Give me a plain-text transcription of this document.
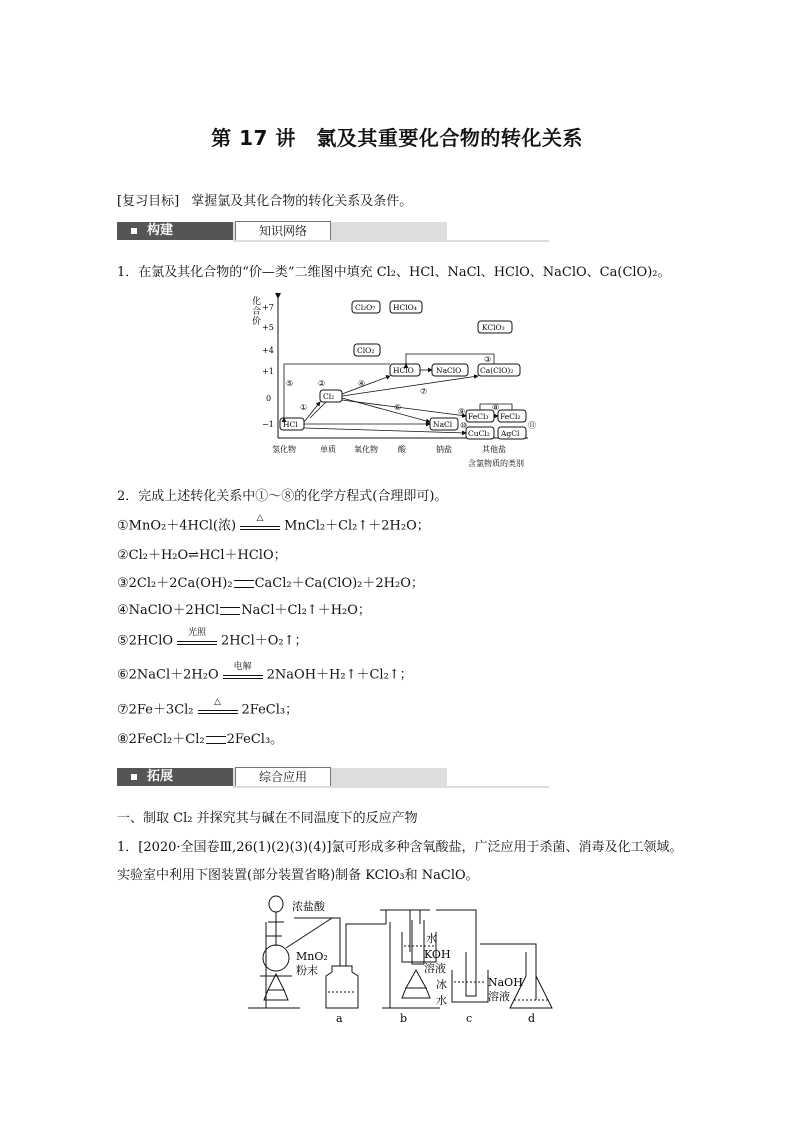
第 17 讲　氯及其重要化合物的转化关系
[复习目标] 掌握氯及其化合物的转化关系及条件。
构建	知识网络
1．在氯及其化合物的“价—类”二维图中填充 Cl₂、HCl、NaCl、HClO、NaClO、Ca(ClO)₂。
化
合
价
+7
+5
+4
+1
0
−1
氢化物	单质 氧化物	酸	钠盐	其他盐
含氯物质的类别
Cl₂O₇ HClO₄
KClO₃
ClO₂
HClO	NaClO Ca(ClO)₂
Cl₂
HCl	NaCl
FeCl₃ FeCl₂
CuCl₂ AgCl
⑤
①
②	④
③
⑦
⑥	⑨	⑧
⑩	⑪
2．完成上述转化关系中①～⑧的化学方程式(合理即可)。
①MnO₂＋4HCl(浓)
△
MnCl₂＋Cl₂↑＋2H₂O；
②Cl₂＋H₂O⇌HCl＋HClO；
③2Cl₂＋2Ca(OH)₂ CaCl₂＋Ca(ClO)₂＋2H₂O；
④NaClO＋2HCl NaCl＋Cl₂↑＋H₂O；
⑤2HClO
光照
2HCl＋O₂↑；
⑥2NaCl＋2H₂O
电解
2NaOH＋H₂↑＋Cl₂↑；
⑦2Fe＋3Cl₂
△
2FeCl₃；
⑧2FeCl₂＋Cl₂ 2FeCl₃。
拓展	综合应用
一、制取 Cl₂ 并探究其与碱在不同温度下的反应产物
1．[2020·全国卷Ⅲ,26(1)(2)(3)(4)]氯可形成多种含氧酸盐，广泛应用于杀菌、消毒及化工领域。
实验室中利用下图装置(部分装置省略)制备 KClO₃和 NaClO。
浓盐酸
MnO₂
粉末
水
KOH
溶液
冰
水
NaOH
溶液
a	b	c	d
